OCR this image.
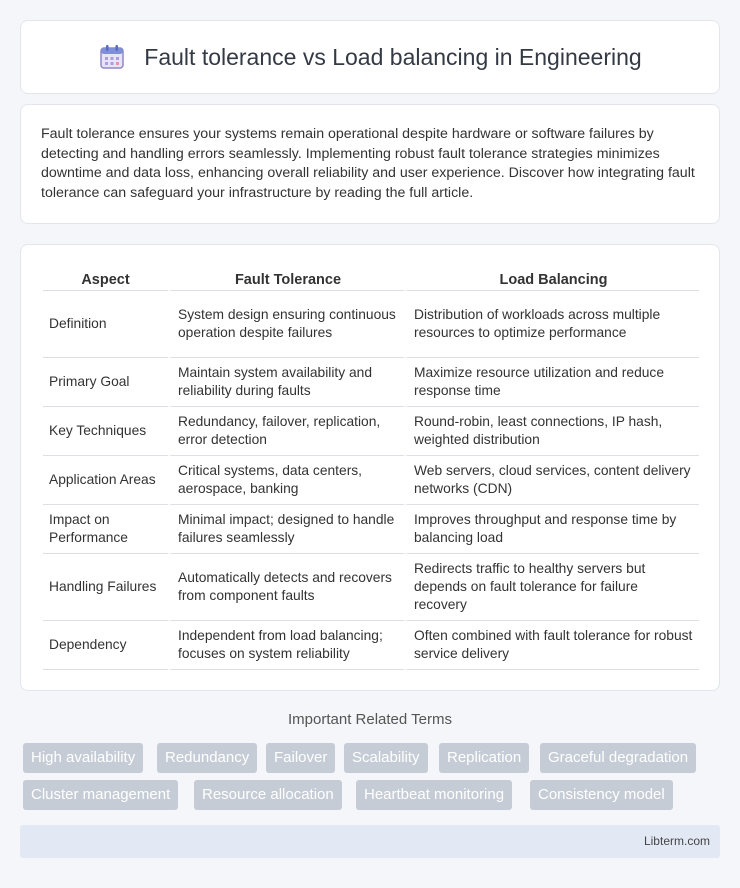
Fault tolerance vs Load balancing in Engineering

Fault tolerance ensures your systems remain operational despite hardware or software failures by detecting and handling errors seamlessly. Implementing robust fault tolerance strategies minimizes downtime and data loss, enhancing overall reliability and user experience. Discover how integrating fault tolerance can safeguard your infrastructure by reading the full article.

Aspect	Fault Tolerance	Load Balancing
Definition	System design ensuring continuous operation despite failures	Distribution of workloads across multiple resources to optimize performance
Primary Goal	Maintain system availability and reliability during faults	Maximize resource utilization and reduce response time
Key Techniques	Redundancy, failover, replication, error detection	Round-robin, least connections, IP hash, weighted distribution
Application Areas	Critical systems, data centers, aerospace, banking	Web servers, cloud services, content delivery networks (CDN)
Impact on Performance	Minimal impact; designed to handle failures seamlessly	Improves throughput and response time by balancing load
Handling Failures	Automatically detects and recovers from component faults	Redirects traffic to healthy servers but depends on fault tolerance for failure recovery
Dependency	Independent from load balancing; focuses on system reliability	Often combined with fault tolerance for robust service delivery
Important Related Terms
High availability	Redundancy	Failover	Scalability	Replication	Graceful degradation
Cluster management	Resource allocation	Heartbeat monitoring	Consistency model
Libterm.com
